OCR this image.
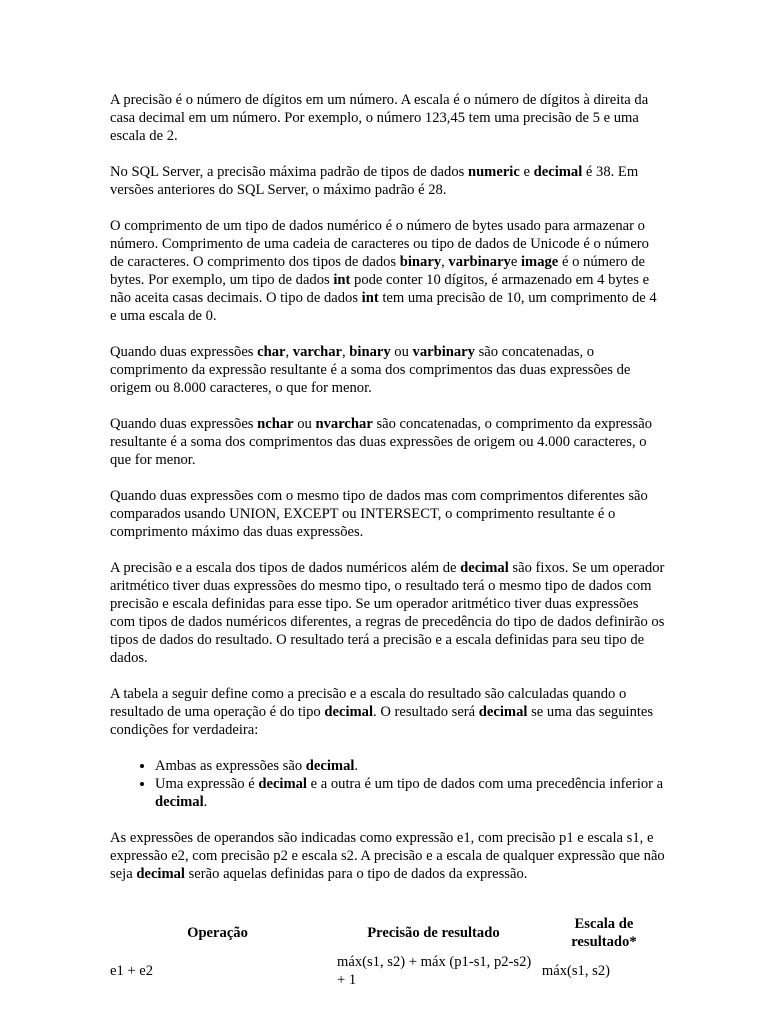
A precisão é o número de dígitos em um número. A escala é o número de dígitos à direita da casa decimal em um número. Por exemplo, o número 123,45 tem uma precisão de 5 e uma escala de 2.

No SQL Server, a precisão máxima padrão de tipos de dados numeric e decimal é 38. Em versões anteriores do SQL Server, o máximo padrão é 28.

O comprimento de um tipo de dados numérico é o número de bytes usado para armazenar o número. Comprimento de uma cadeia de caracteres ou tipo de dados de Unicode é o número de caracteres. O comprimento dos tipos de dados binary, varbinarye image é o número de bytes. Por exemplo, um tipo de dados int pode conter 10 dígitos, é armazenado em 4 bytes e não aceita casas decimais. O tipo de dados int tem uma precisão de 10, um comprimento de 4 e uma escala de 0.

Quando duas expressões char, varchar, binary ou varbinary são concatenadas, o comprimento da expressão resultante é a soma dos comprimentos das duas expressões de origem ou 8.000 caracteres, o que for menor.

Quando duas expressões nchar ou nvarchar são concatenadas, o comprimento da expressão resultante é a soma dos comprimentos das duas expressões de origem ou 4.000 caracteres, o que for menor.

Quando duas expressões com o mesmo tipo de dados mas com comprimentos diferentes são comparados usando UNION, EXCEPT ou INTERSECT, o comprimento resultante é o comprimento máximo das duas expressões.

A precisão e a escala dos tipos de dados numéricos além de decimal são fixos. Se um operador aritmético tiver duas expressões do mesmo tipo, o resultado terá o mesmo tipo de dados com precisão e escala definidas para esse tipo. Se um operador aritmético tiver duas expressões com tipos de dados numéricos diferentes, a regras de precedência do tipo de dados definirão os tipos de dados do resultado. O resultado terá a precisão e a escala definidas para seu tipo de dados.

A tabela a seguir define como a precisão e a escala do resultado são calculadas quando o resultado de uma operação é do tipo decimal. O resultado será decimal se uma das seguintes condições for verdadeira:

• Ambas as expressões são decimal.
• Uma expressão é decimal e a outra é um tipo de dados com uma precedência inferior a decimal.

As expressões de operandos são indicadas como expressão e1, com precisão p1 e escala s1, e expressão e2, com precisão p2 e escala s2. A precisão e a escala de qualquer expressão que não seja decimal serão aquelas definidas para o tipo de dados da expressão.

Operação	Precisão de resultado	Escala de resultado*
e1 + e2	máx(s1, s2) + máx (p1-s1, p2-s2) + 1	máx(s1, s2)
